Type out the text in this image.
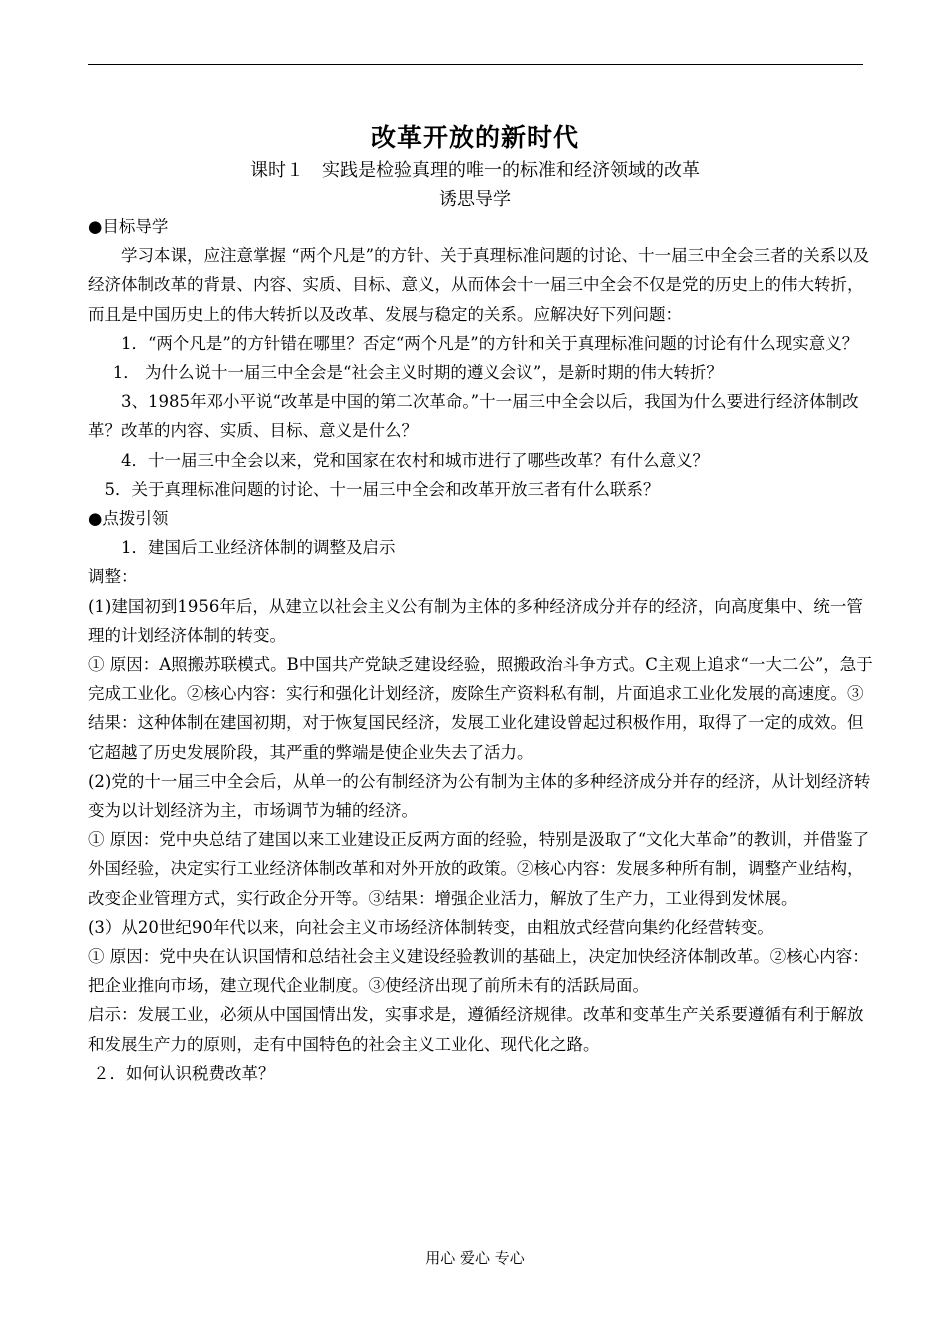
改革开放的新时代
课时１　实践是检验真理的唯一的标准和经济领域的改革
诱思导学

●目标导学

学习本课，应注意掌握 “两个凡是”的方针、关于真理标准问题的讨论、十一届三中全会三者的关系以及经济体制改革的背景、内容、实质、目标、意义，从而体会十一届三中全会不仅是党的历史上的伟大转折，而且是中国历史上的伟大转折以及改革、发展与稳定的关系。应解决好下列问题：

1．“两个凡是”的方针错在哪里？否定“两个凡是”的方针和关于真理标准问题的讨论有什么现实意义？

1． 为什么说十一届三中全会是“社会主义时期的遵义会议”，是新时期的伟大转折？

3、1985年邓小平说“改革是中国的第二次革命。”十一届三中全会以后，我国为什么要进行经济体制改革？改革的内容、实质、目标、意义是什么？

4．十一届三中全会以来，党和国家在农村和城市进行了哪些改革？有什么意义？

5．关于真理标准问题的讨论、十一届三中全会和改革开放三者有什么联系？

●点拨引领

1．建国后工业经济体制的调整及启示

调整：

(1)建国初到1956年后，从建立以社会主义公有制为主体的多种经济成分并存的经济，向高度集中、统一管理的计划经济体制的转变。

① 原因：A照搬苏联模式。B中国共产党缺乏建设经验，照搬政治斗争方式。C主观上追求“一大二公”，急于完成工业化。②核心内容：实行和强化计划经济，废除生产资料私有制，片面追求工业化发展的高速度。③结果：这种体制在建国初期，对于恢复国民经济，发展工业化建设曾起过积极作用，取得了一定的成效。但它超越了历史发展阶段，其严重的弊端是使企业失去了活力。

(2)党的十一届三中全会后，从单一的公有制经济为公有制为主体的多种经济成分并存的经济，从计划经济转变为以计划经济为主，市场调节为辅的经济。

① 原因：党中央总结了建国以来工业建设正反两方面的经验，特别是汲取了“文化大革命”的教训，并借鉴了外国经验，决定实行工业经济体制改革和对外开放的政策。②核心内容：发展多种所有制，调整产业结构，改变企业管理方式，实行政企分开等。③结果：增强企业活力，解放了生产力，工业得到发怵展。

(3）从20世纪90年代以来，向社会主义市场经济体制转变，由粗放式经营向集约化经营转变。

① 原因：党中央在认识国情和总结社会主义建设经验教训的基础上，决定加快经济体制改革。②核心内容：把企业推向市场，建立现代企业制度。③使经济出现了前所未有的活跃局面。

启示：发展工业，必须从中国国情出发，实事求是，遵循经济规律。改革和变革生产关系要遵循有利于解放和发展生产力的原则，走有中国特色的社会主义工业化、现代化之路。

２．如何认识税费改革？

用心 爱心 专心
